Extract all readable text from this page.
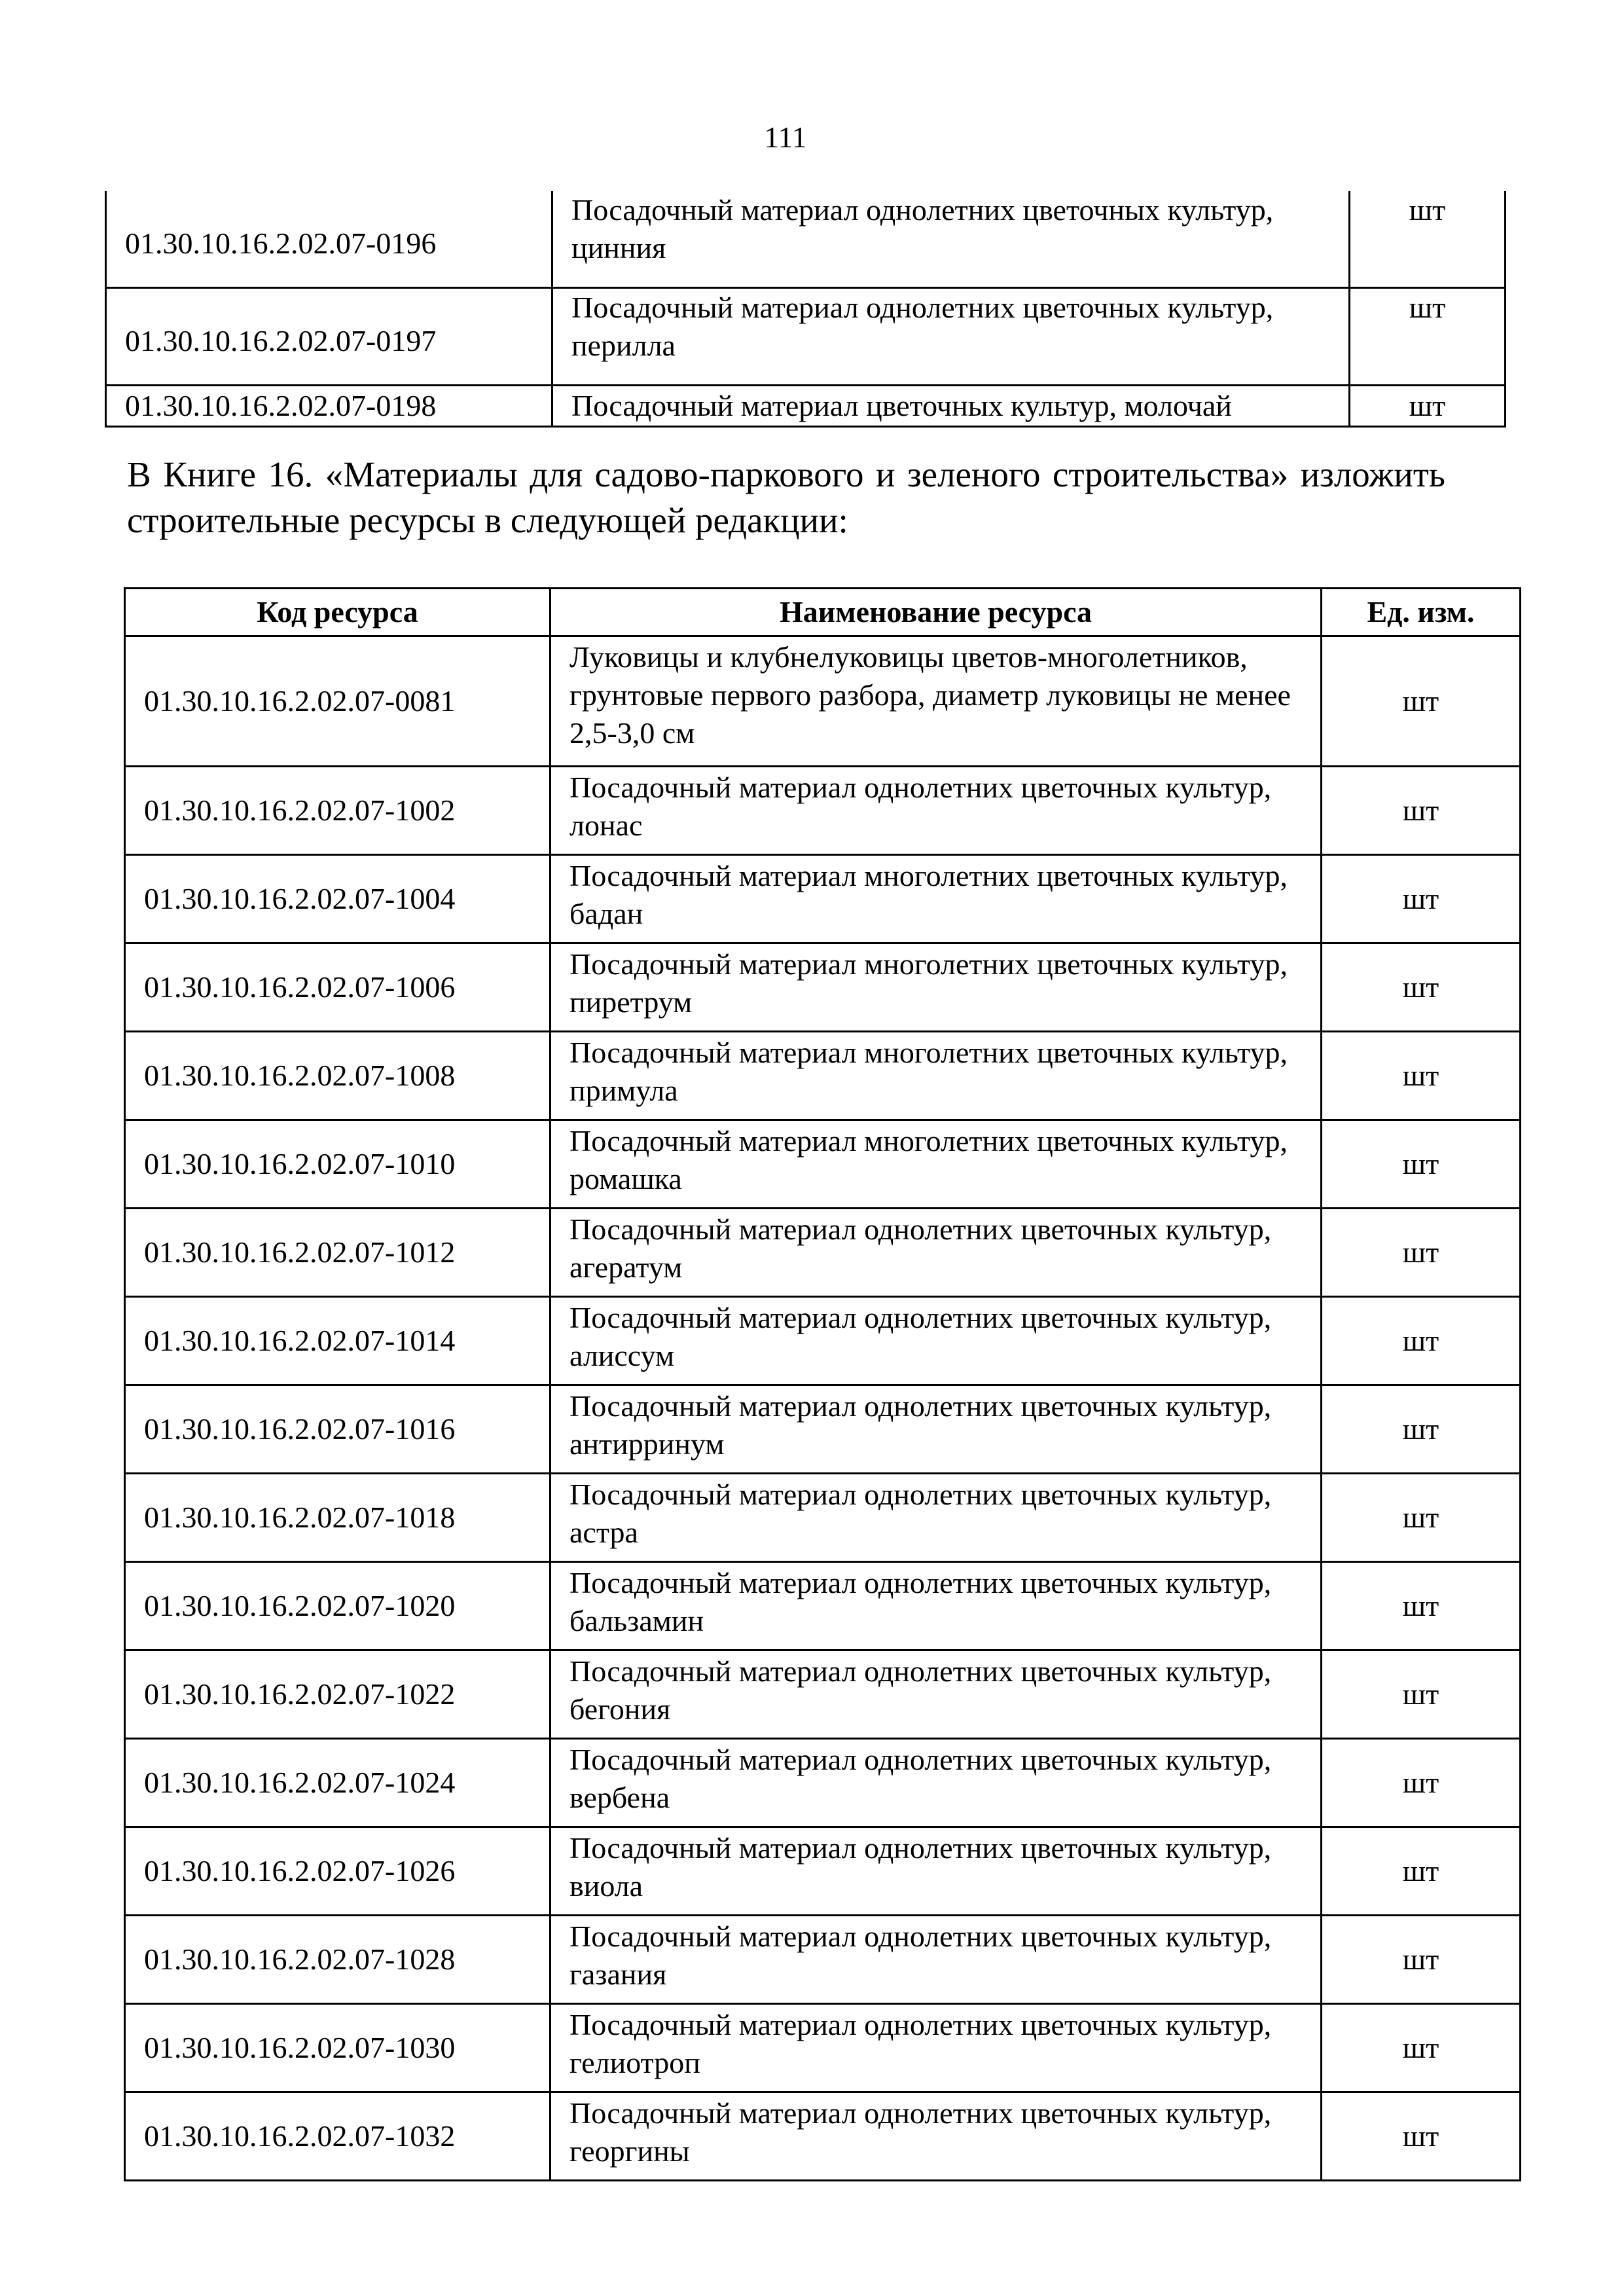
111
01.30.10.16.2.02.07-0196	Посадочный материал однолетних цветочных культур, цинния	шт
01.30.10.16.2.02.07-0197	Посадочный материал однолетних цветочных культур, перилла	шт
01.30.10.16.2.02.07-0198	Посадочный материал цветочных культур, молочай	шт
В Книге 16. «Материалы для садово-паркового и зеленого строительства» изложить строительные ресурсы в следующей редакции:
Код ресурса	Наименование ресурса	Ед. изм.
01.30.10.16.2.02.07-0081	Луковицы и клубнелуковицы цветов-многолетников, грунтовые первого разбора, диаметр луковицы не менее 2,5-3,0 см	шт
01.30.10.16.2.02.07-1002	Посадочный материал однолетних цветочных культур, лонас	шт
01.30.10.16.2.02.07-1004	Посадочный материал многолетних цветочных культур, бадан	шт
01.30.10.16.2.02.07-1006	Посадочный материал многолетних цветочных культур, пиретрум	шт
01.30.10.16.2.02.07-1008	Посадочный материал многолетних цветочных культур, примула	шт
01.30.10.16.2.02.07-1010	Посадочный материал многолетних цветочных культур, ромашка	шт
01.30.10.16.2.02.07-1012	Посадочный материал однолетних цветочных культур, агератум	шт
01.30.10.16.2.02.07-1014	Посадочный материал однолетних цветочных культур, алиссум	шт
01.30.10.16.2.02.07-1016	Посадочный материал однолетних цветочных культур, антирринум	шт
01.30.10.16.2.02.07-1018	Посадочный материал однолетних цветочных культур, астра	шт
01.30.10.16.2.02.07-1020	Посадочный материал однолетних цветочных культур, бальзамин	шт
01.30.10.16.2.02.07-1022	Посадочный материал однолетних цветочных культур, бегония	шт
01.30.10.16.2.02.07-1024	Посадочный материал однолетних цветочных культур, вербена	шт
01.30.10.16.2.02.07-1026	Посадочный материал однолетних цветочных культур, виола	шт
01.30.10.16.2.02.07-1028	Посадочный материал однолетних цветочных культур, газания	шт
01.30.10.16.2.02.07-1030	Посадочный материал однолетних цветочных культур, гелиотроп	шт
01.30.10.16.2.02.07-1032	Посадочный материал однолетних цветочных культур, георгины	шт
